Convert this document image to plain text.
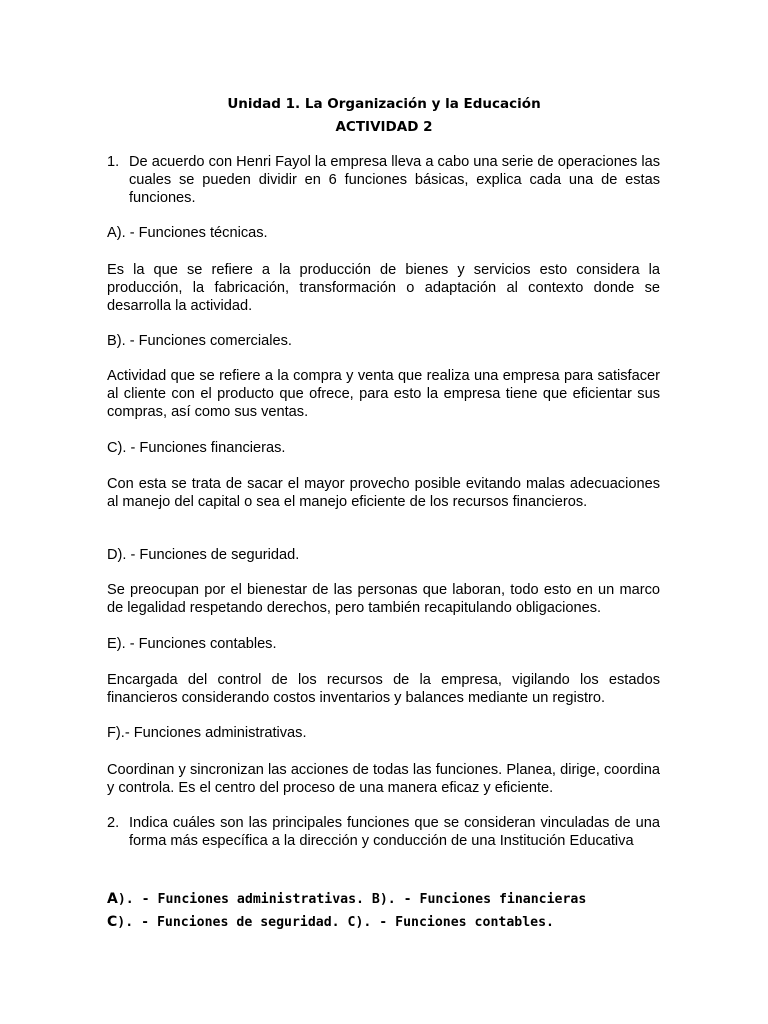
Unidad 1. La Organización y la Educación
ACTIVIDAD 2
1. De acuerdo con Henri Fayol la empresa lleva a cabo una serie de operaciones las cuales se pueden dividir en 6 funciones básicas, explica cada una de estas funciones.
A). - Funciones técnicas.
Es la que se refiere a la producción de bienes y servicios esto considera la producción, la fabricación, transformación o adaptación al contexto donde se desarrolla la actividad.
B). - Funciones comerciales.
Actividad que se refiere a la compra y venta que realiza una empresa para satisfacer al cliente con el producto que ofrece, para esto la empresa tiene que eficientar sus compras, así como sus ventas.
C). - Funciones financieras.
Con esta se trata de sacar el mayor provecho posible evitando malas adecuaciones al manejo del capital o sea el manejo eficiente de los recursos financieros.
D). - Funciones de seguridad.
Se preocupan por el bienestar de las personas que laboran, todo esto en un marco de legalidad respetando derechos, pero también recapitulando obligaciones.
E). - Funciones contables.
Encargada del control de los recursos de la empresa, vigilando los estados financieros considerando costos inventarios y balances mediante un registro.
F).- Funciones administrativas.
Coordinan y sincronizan las acciones de todas las funciones. Planea, dirige, coordina y controla. Es el centro del proceso de una manera eficaz y eficiente.
2. Indica cuáles son las principales funciones que se consideran vinculadas de una forma más específica a la dirección y conducción de una Institución Educativa
A). - Funciones administrativas. B). - Funciones financieras
C). - Funciones de seguridad. C). - Funciones contables.
